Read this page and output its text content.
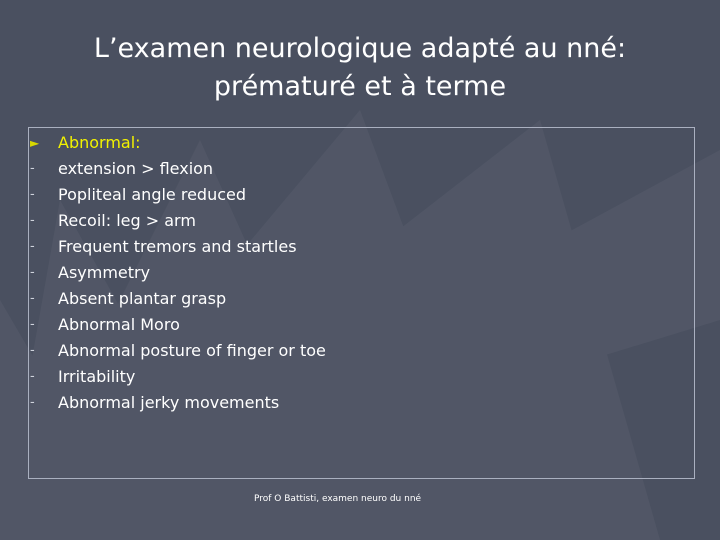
L’examen neurologique adapté au nné:
prématuré et à terme
►	Abnormal:
-	extension > flexion
-	Popliteal angle reduced
-	Recoil: leg > arm
-	Frequent tremors and startles
-	Asymmetry
-	Absent plantar grasp
-	Abnormal Moro
-	Abnormal posture of finger or toe
-	Irritability
-	Abnormal jerky movements
Prof O Battisti, examen neuro du nné
